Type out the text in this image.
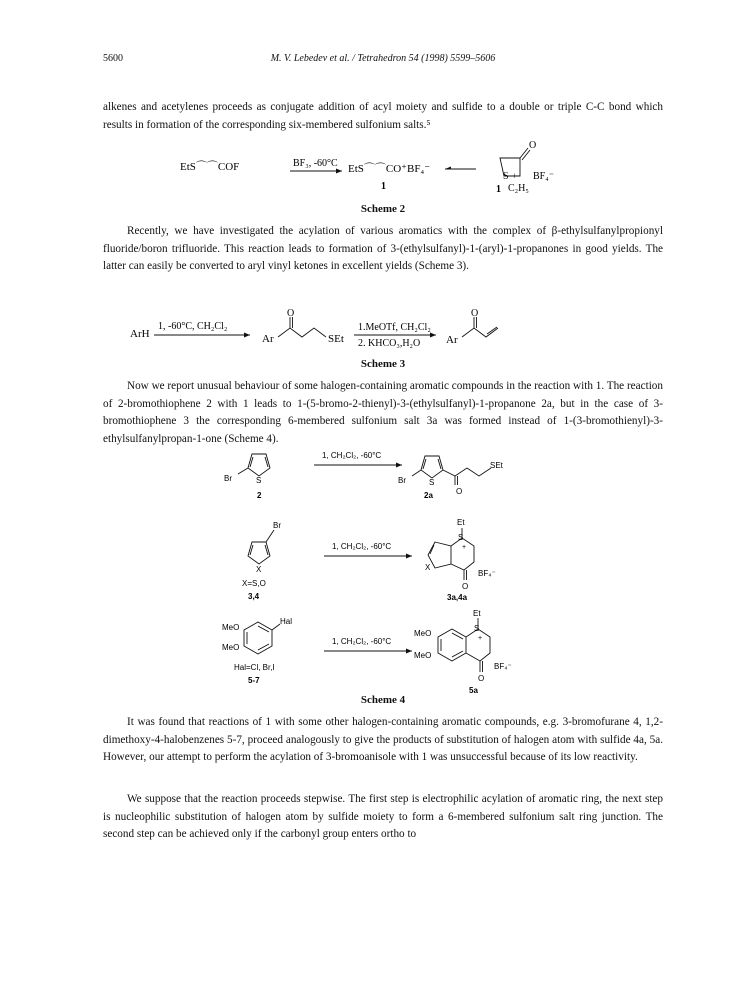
5600	M. V. Lebedev et al. / Tetrahedron 54 (1998) 5599–5606

alkenes and acetylenes proceeds as conjugate addition of acyl moiety and sulfide to a double or triple C-C bond which results in formation of the corresponding six-membered sulfonium salts.⁵

EtS⌒⌒COF	BF₃, -60°C EtS⌒⌒CO⁺BF₄⁻
1
O
S + BF₄⁻
1 C₂H₅
Scheme 2

Recently, we have investigated the acylation of various aromatics with the complex of β-ethylsulfanylpropionyl fluoride/boron trifluoride. This reaction leads to formation of 3-(ethylsulfanyl)-1-(aryl)-1-propanones in good yields. The latter can easily be converted to aryl vinyl ketones in excellent yields (Scheme 3).

ArH
1, -60°C, CH₂Cl₂
Ar
O
SEt
1.MeOTf, CH₂Cl₂
2. KHCO₃,H₂O Ar
O
Scheme 3

Now we report unusual behaviour of some halogen-containing aromatic compounds in the reaction with 1. The reaction of 2-bromothiophene 2 with 1 leads to 1-(5-bromo-2-thienyl)-3-(ethylsulfanyl)-1-propanone 2a, but in the case of 3-bromothiophene 3 the corresponding 6-membered sulfonium salt 3a was formed instead of 1-(3-bromothienyl)-3-ethylsulfanylpropan-1-one (Scheme 4).

Br	S
2
1, CH₂Cl₂, -60°C
Br	S
O
SEt
2a
Br
X
X=S,O
3,4
1, CH₂Cl₂, -60°C
Et
S
+
X
O
BF₄⁻
3a,4a
Hal
MeO
MeO
Hal=Cl, Br,I
5-7
1, CH₂Cl₂, -60°C
Et
S
+
MeO
MeO
O
BF₄⁻
5a
Scheme 4

It was found that reactions of 1 with some other halogen-containing aromatic compounds, e.g. 3-bromofurane 4, 1,2-dimethoxy-4-halobenzenes 5-7, proceed analogously to give the products of substitution of halogen atom with sulfide 4a, 5a. However, our attempt to perform the acylation of 3-bromoanisole with 1 was unsuccessful because of its low reactivity.

We suppose that the reaction proceeds stepwise. The first step is electrophilic acylation of aromatic ring, the next step is nucleophilic substitution of halogen atom by sulfide moiety to form a 6-membered sulfonium salt ring junction. The second step can be achieved only if the carbonyl group enters ortho to
